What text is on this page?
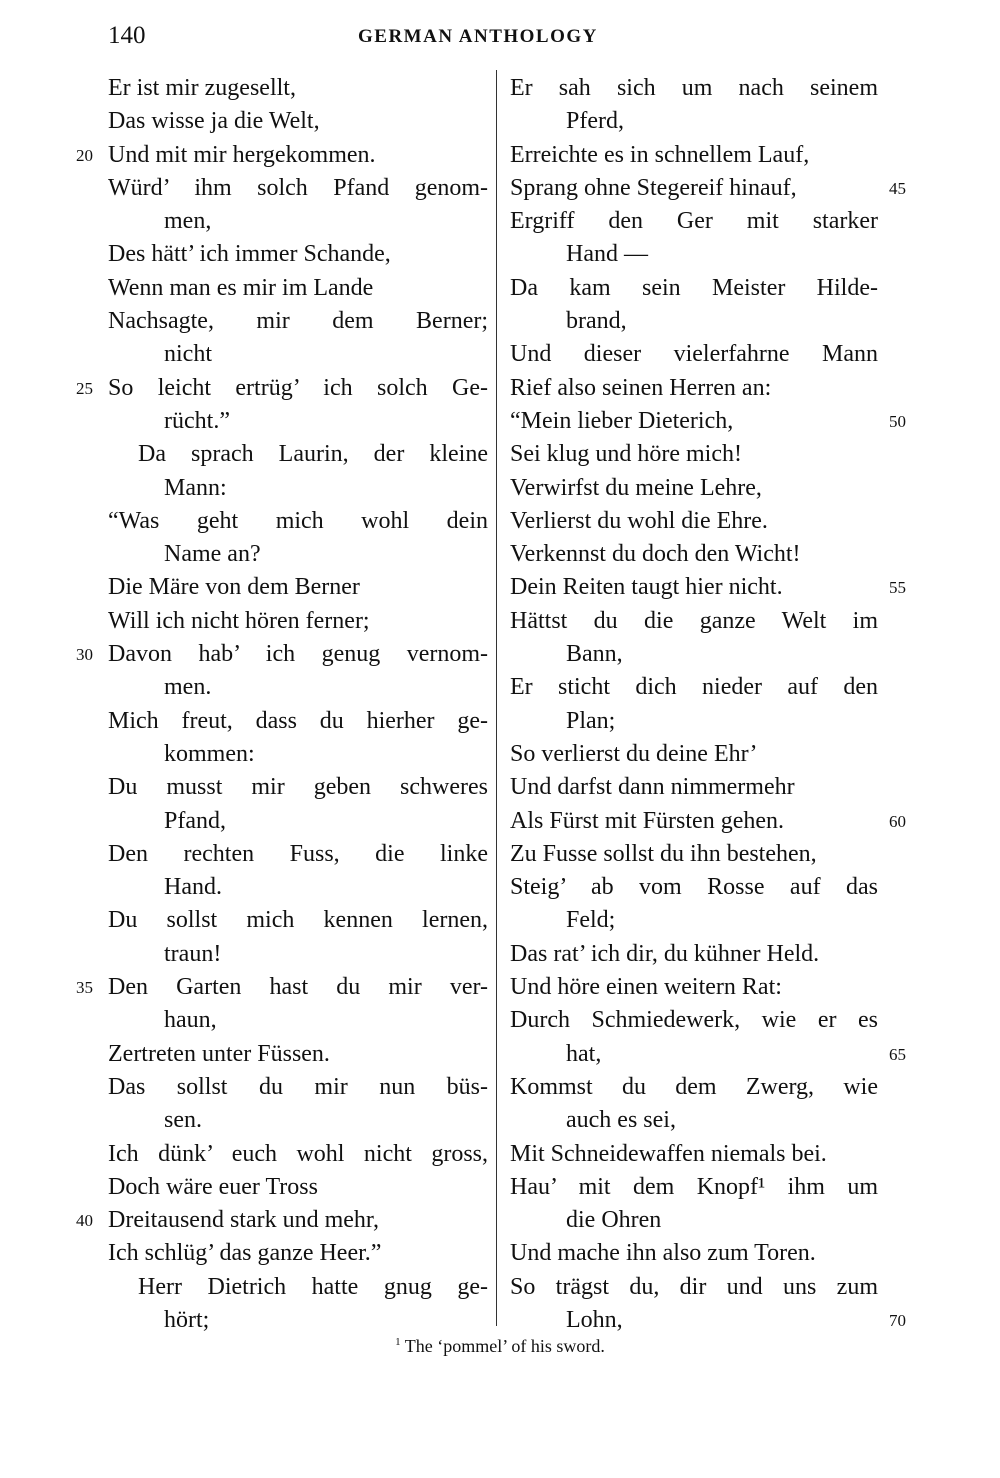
140	GERMAN ANTHOLOGY
Er ist mir zugesellt,
Das wisse ja die Welt,
Und mit mir hergekommen.
20
Würd’ ihm solch Pfand genom-
men,
Des hätt’ ich immer Schande,
Wenn man es mir im Lande
Nachsagte, mir dem Berner;
nicht
So leicht ertrüg’ ich solch Ge-
25
rücht.”
Da sprach Laurin, der kleine
Mann:
“Was geht mich wohl dein
Name an?
Die Märe von dem Berner
Will ich nicht hören ferner;
Davon hab’ ich genug vernom-
30
men.
Mich freut, dass du hierher ge-
kommen:
Du musst mir geben schweres
Pfand,
Den rechten Fuss, die linke
Hand.
Du sollst mich kennen lernen,
traun!
Den Garten hast du mir ver-
35
haun,
Zertreten unter Füssen.
Das sollst du mir nun büs-
sen.
Ich dünk’ euch wohl nicht gross,
Doch wäre euer Tross
Dreitausend stark und mehr,
40
Ich schlüg’ das ganze Heer.”
Herr Dietrich hatte gnug ge-
hört;
Er sah sich um nach seinem
Pferd,
Erreichte es in schnellem Lauf,
Sprang ohne Stegereif hinauf,	45
Ergriff den Ger mit starker
Hand —
Da kam sein Meister Hilde-
brand,
Und dieser vielerfahrne Mann
Rief also seinen Herren an:
“Mein lieber Dieterich,	50
Sei klug und höre mich!
Verwirfst du meine Lehre,
Verlierst du wohl die Ehre.
Verkennst du doch den Wicht!
Dein Reiten taugt hier nicht.	55
Hättst du die ganze Welt im
Bann,
Er sticht dich nieder auf den
Plan;
So verlierst du deine Ehr’
Und darfst dann nimmermehr
Als Fürst mit Fürsten gehen.	60
Zu Fusse sollst du ihn bestehen,
Steig’ ab vom Rosse auf das
Feld;
Das rat’ ich dir, du kühner Held.
Und höre einen weitern Rat:
Durch Schmiedewerk, wie er es
hat,	65
Kommst du dem Zwerg, wie
auch es sei,
Mit Schneidewaffen niemals bei.
Hau’ mit dem Knopf¹ ihm um
die Ohren
Und mache ihn also zum Toren.
So trägst du, dir und uns zum
Lohn,	70
$^1$ The ‘pommel’ of his sword.
